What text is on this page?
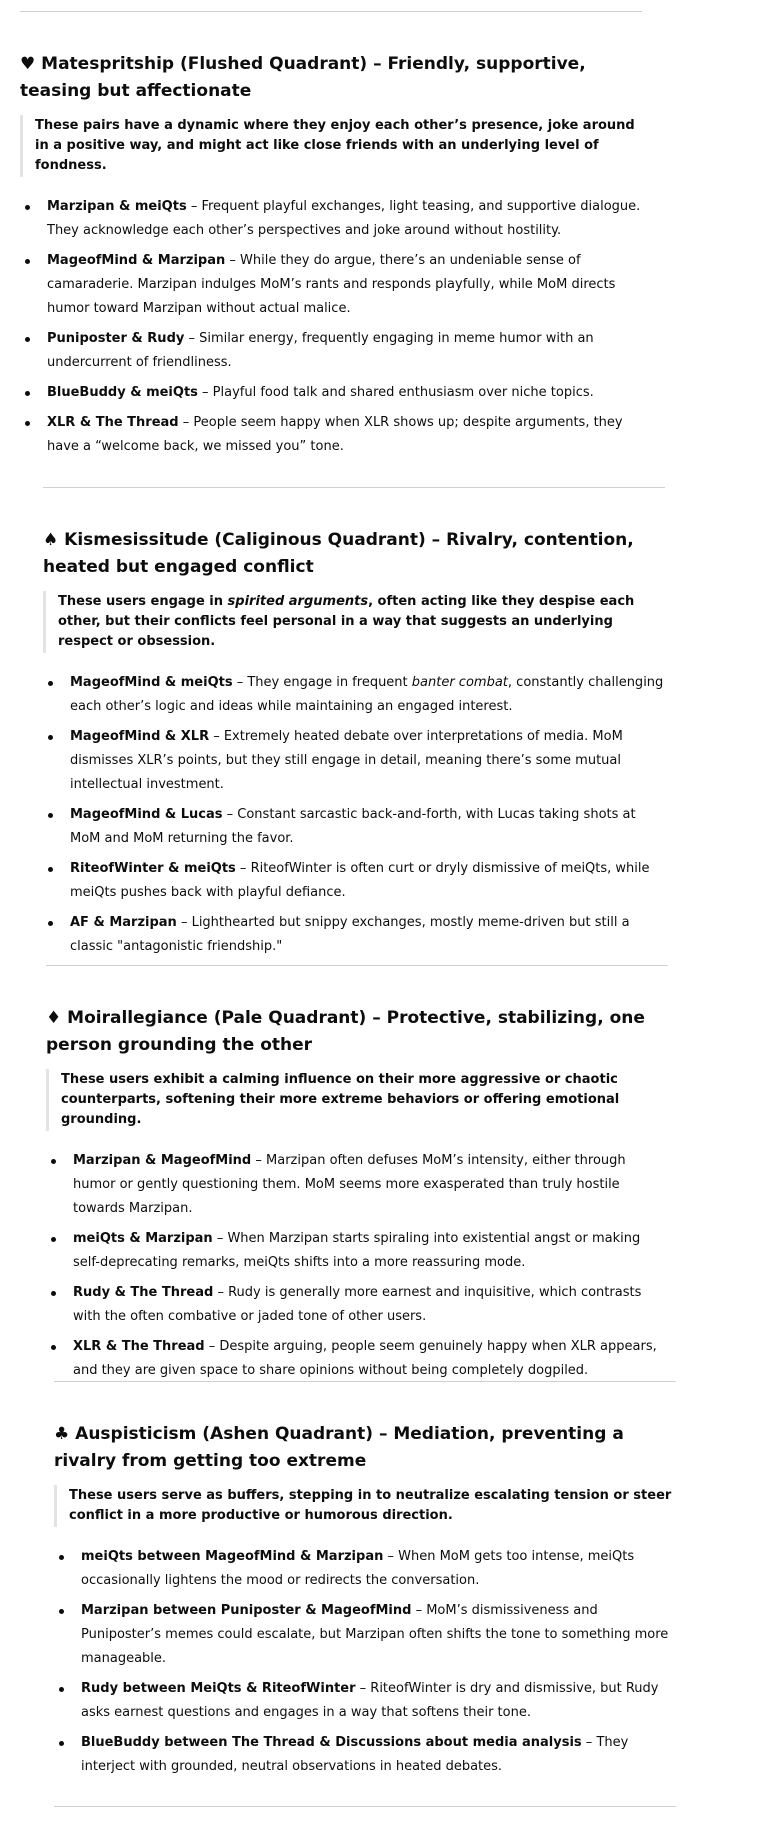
♥ Matespritship (Flushed Quadrant) – Friendly, supportive, teasing but affectionate
These pairs have a dynamic where they enjoy each other’s presence, joke around in a positive way, and might act like close friends with an underlying level of fondness.
Marzipan & meiQts – Frequent playful exchanges, light teasing, and supportive dialogue. They acknowledge each other’s perspectives and joke around without hostility.
MageofMind & Marzipan – While they do argue, there’s an undeniable sense of camaraderie. Marzipan indulges MoM’s rants and responds playfully, while MoM directs humor toward Marzipan without actual malice.
Puniposter & Rudy – Similar energy, frequently engaging in meme humor with an undercurrent of friendliness.
BlueBuddy & meiQts – Playful food talk and shared enthusiasm over niche topics.
XLR & The Thread – People seem happy when XLR shows up; despite arguments, they have a “welcome back, we missed you” tone.
♠ Kismesissitude (Caliginous Quadrant) – Rivalry, contention, heated but engaged conflict
These users engage in spirited arguments, often acting like they despise each other, but their conflicts feel personal in a way that suggests an underlying respect or obsession.
MageofMind & meiQts – They engage in frequent banter combat, constantly challenging each other’s logic and ideas while maintaining an engaged interest.
MageofMind & XLR – Extremely heated debate over interpretations of media. MoM dismisses XLR’s points, but they still engage in detail, meaning there’s some mutual intellectual investment.
MageofMind & Lucas – Constant sarcastic back-and-forth, with Lucas taking shots at MoM and MoM returning the favor.
RiteofWinter & meiQts – RiteofWinter is often curt or dryly dismissive of meiQts, while meiQts pushes back with playful defiance.
AF & Marzipan – Lighthearted but snippy exchanges, mostly meme-driven but still a classic "antagonistic friendship."
♦ Moirallegiance (Pale Quadrant) – Protective, stabilizing, one person grounding the other
These users exhibit a calming influence on their more aggressive or chaotic counterparts, softening their more extreme behaviors or offering emotional grounding.
Marzipan & MageofMind – Marzipan often defuses MoM’s intensity, either through humor or gently questioning them. MoM seems more exasperated than truly hostile towards Marzipan.
meiQts & Marzipan – When Marzipan starts spiraling into existential angst or making self-deprecating remarks, meiQts shifts into a more reassuring mode.
Rudy & The Thread – Rudy is generally more earnest and inquisitive, which contrasts with the often combative or jaded tone of other users.
XLR & The Thread – Despite arguing, people seem genuinely happy when XLR appears, and they are given space to share opinions without being completely dogpiled.
♣ Auspisticism (Ashen Quadrant) – Mediation, preventing a rivalry from getting too extreme
These users serve as buffers, stepping in to neutralize escalating tension or steer conflict in a more productive or humorous direction.
meiQts between MageofMind & Marzipan – When MoM gets too intense, meiQts occasionally lightens the mood or redirects the conversation.
Marzipan between Puniposter & MageofMind – MoM’s dismissiveness and Puniposter’s memes could escalate, but Marzipan often shifts the tone to something more manageable.
Rudy between MeiQts & RiteofWinter – RiteofWinter is dry and dismissive, but Rudy asks earnest questions and engages in a way that softens their tone.
BlueBuddy between The Thread & Discussions about media analysis – They interject with grounded, neutral observations in heated debates.
